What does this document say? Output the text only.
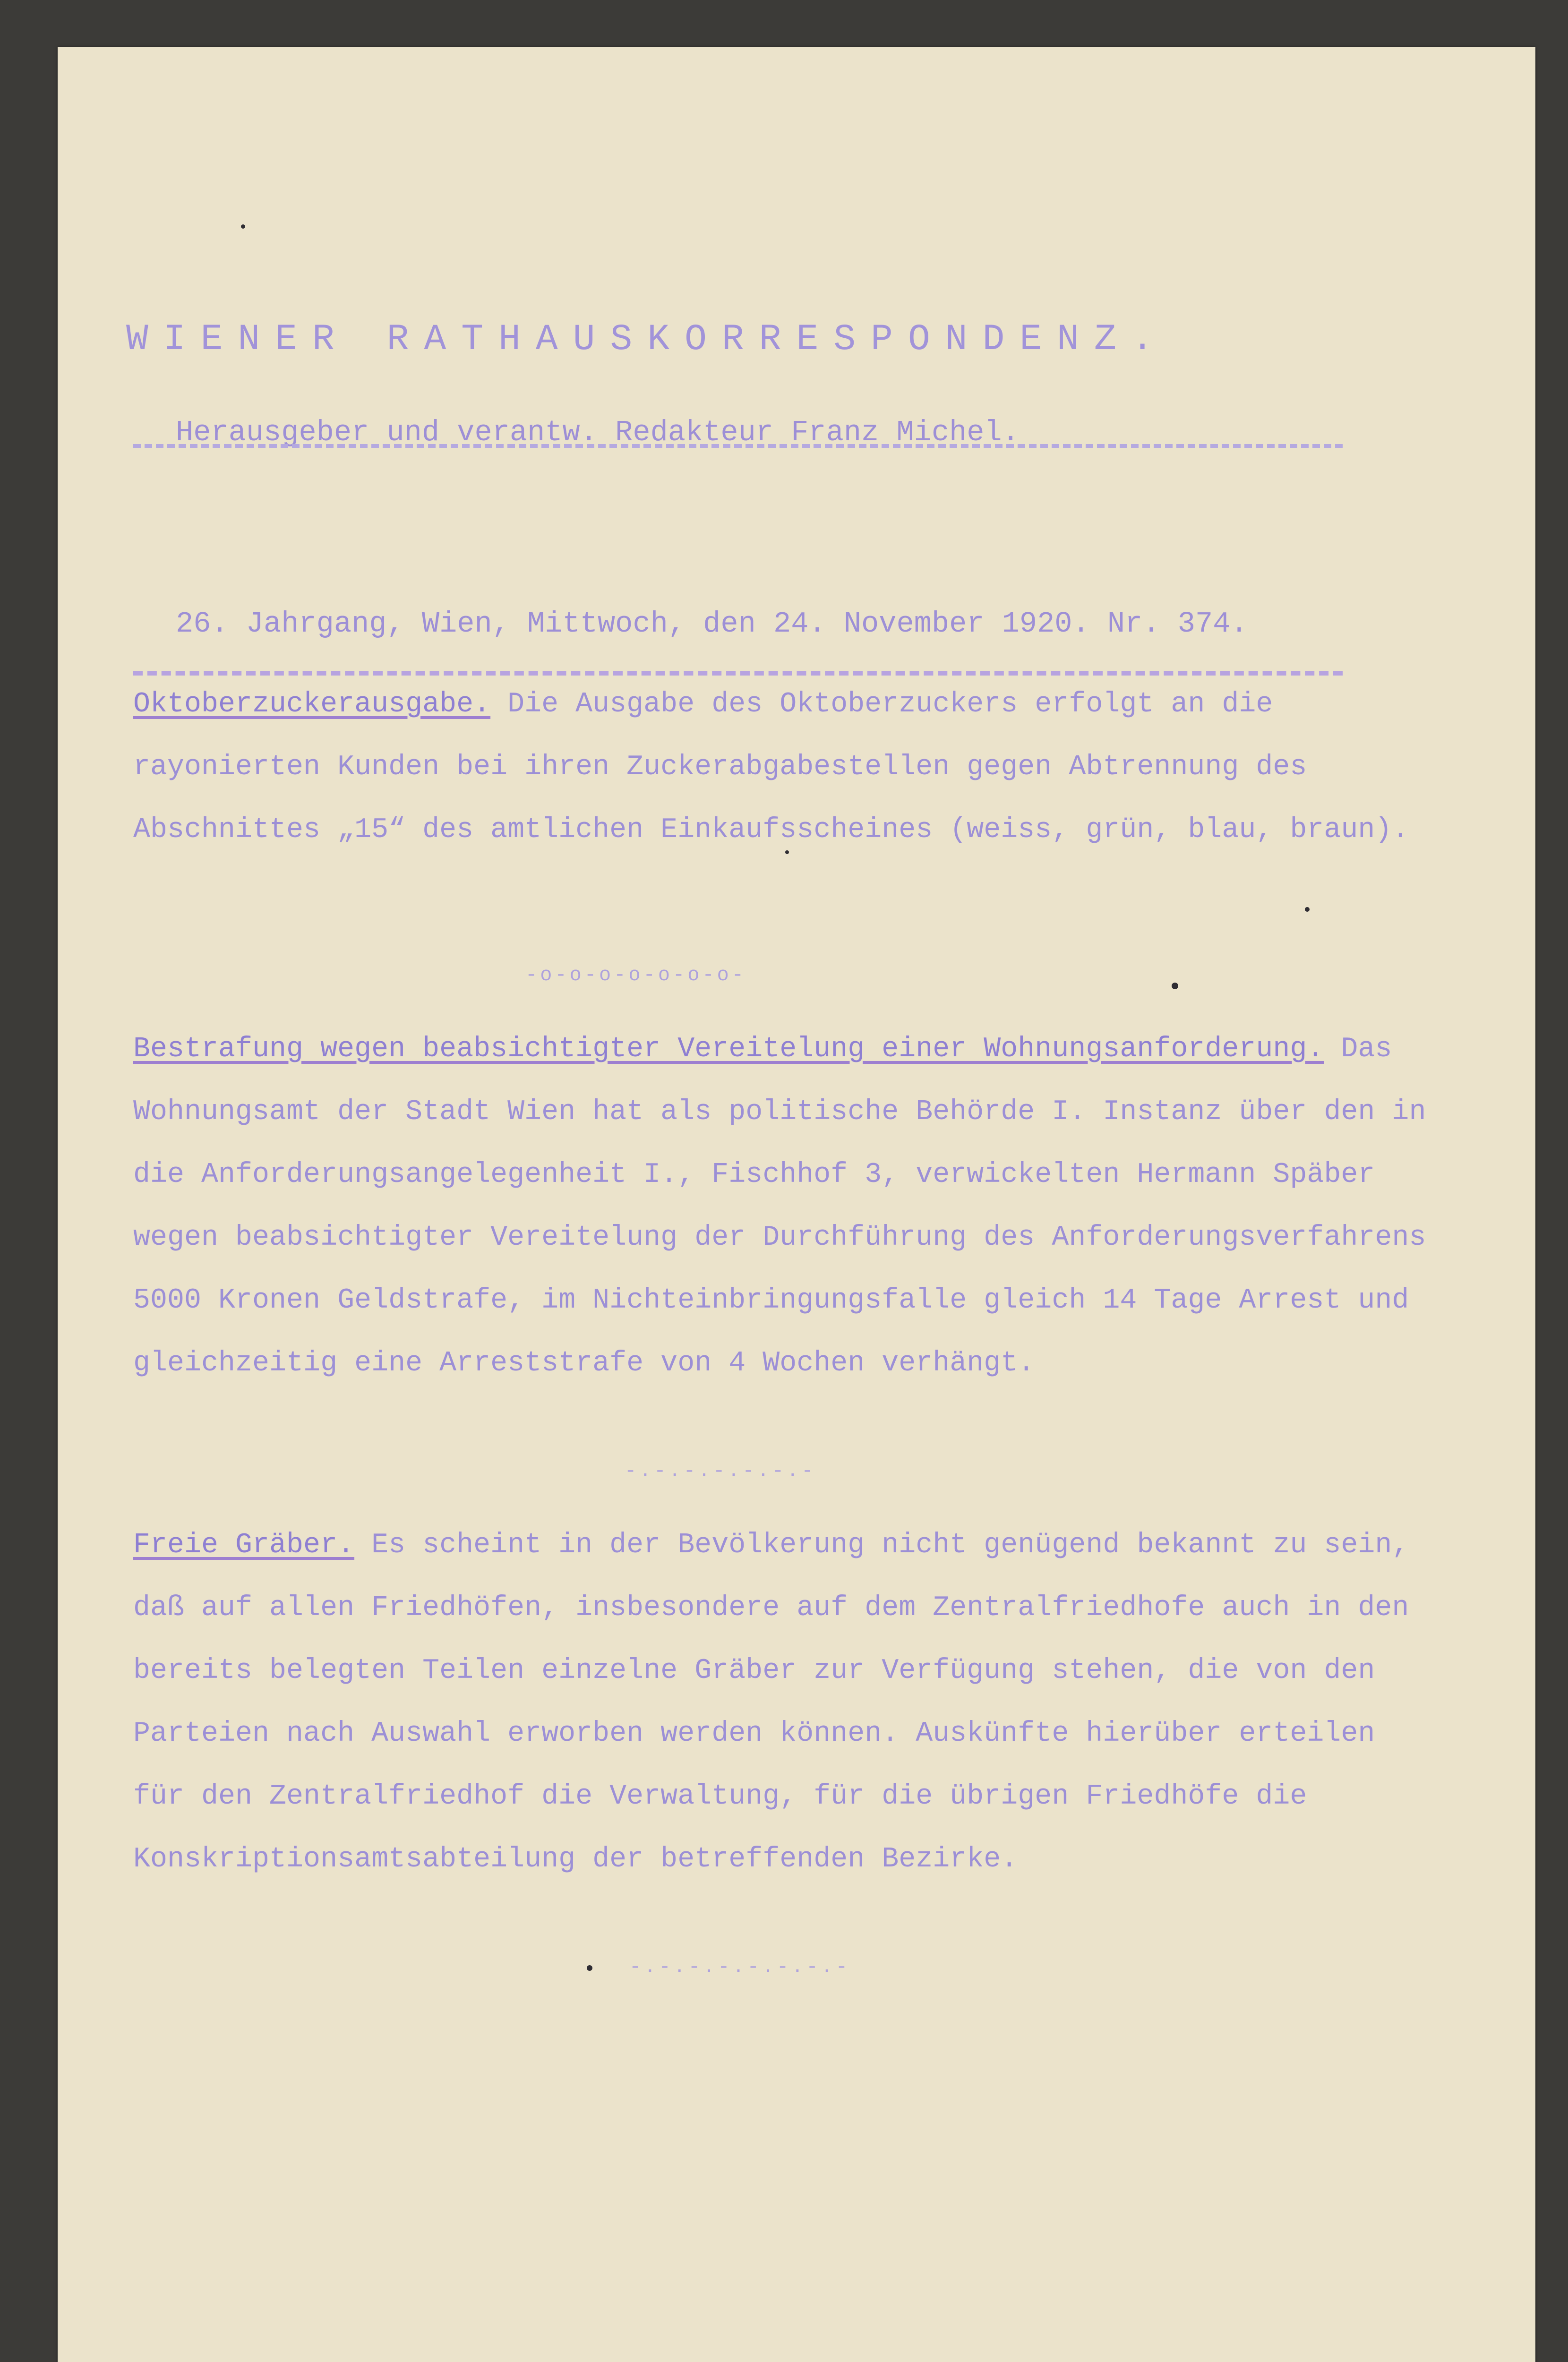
WIENER RATHAUSKORRESPONDENZ.
Herausgeber und verantw. Redakteur Franz Michel.
26. Jahrgang, Wien, Mittwoch, den 24. November 1920. Nr. 374.

Oktoberzuckerausgabe. Die Ausgabe des Oktoberzuckers erfolgt an die rayonierten Kunden bei ihren Zuckerabgabestellen gegen Abtrennung des Abschnittes „15“ des amtlichen Einkaufsscheines (weiss, grün, blau, braun).

-o-o-o-o-o-o-o-

Bestrafung wegen beabsichtigter Vereitelung einer Wohnungsanforderung. Das Wohnungsamt der Stadt Wien hat als politische Behörde I. Instanz über den in die Anforderungsangelegenheit I., Fischhof 3, verwickelten Hermann Späber wegen beabsichtigter Vereitelung der Durchführung des Anforderungsverfahrens 5000 Kronen Geldstrafe, im Nichteinbringungsfalle gleich 14 Tage Arrest und gleichzeitig eine Arreststrafe von 4 Wochen verhängt.

-.-.-.-.-.-.-

Freie Gräber. Es scheint in der Bevölkerung nicht genügend bekannt zu sein, daß auf allen Friedhöfen, insbesondere auf dem Zentralfriedhofe auch in den bereits belegten Teilen einzelne Gräber zur Verfügung stehen, die von den Parteien nach Auswahl erworben werden können. Auskünfte hierüber erteilen für den Zentralfriedhof die Verwaltung, für die übrigen Friedhöfe die Konskriptionsamtsabteilung der betreffenden Bezirke.

-.-.-.-.-.-.-.-
